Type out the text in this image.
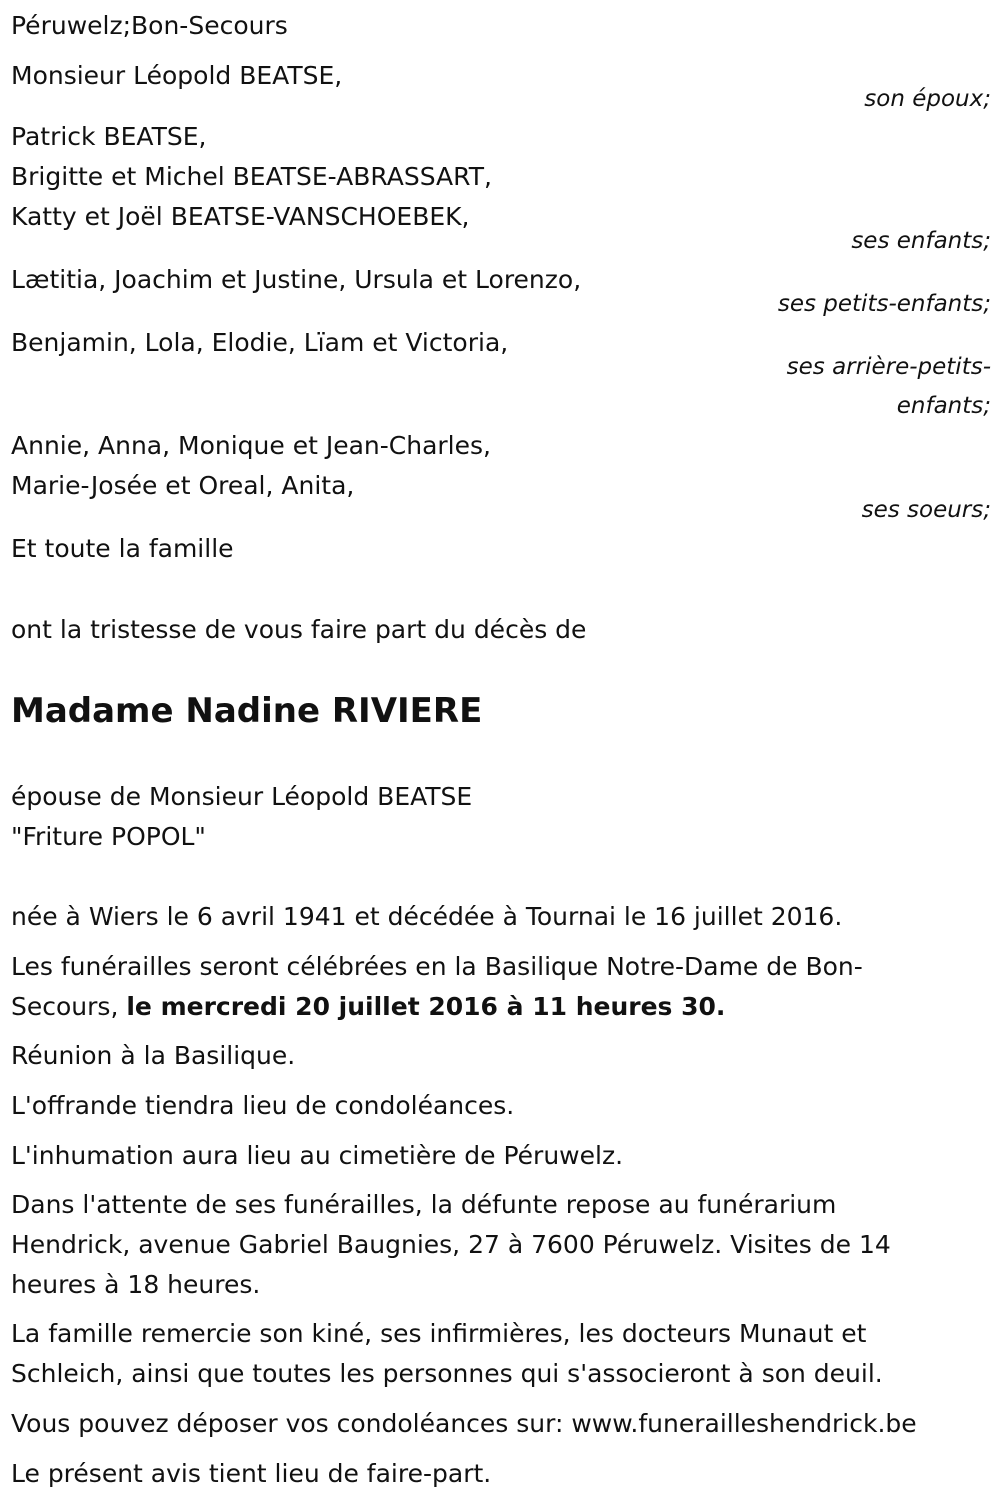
Péruwelz;Bon-Secours
Monsieur Léopold BEATSE,
son époux;
Patrick BEATSE,
Brigitte et Michel BEATSE-ABRASSART,
Katty et Joël BEATSE-VANSCHOEBEK,
ses enfants;
Lætitia, Joachim et Justine, Ursula et Lorenzo,
ses petits-enfants;
Benjamin, Lola, Elodie, Lïam et Victoria,
ses arrière-petits-
enfants;
Annie, Anna, Monique et Jean-Charles,
Marie-Josée et Oreal, Anita,
ses soeurs;
Et toute la famille
ont la tristesse de vous faire part du décès de
Madame Nadine RIVIERE
épouse de Monsieur Léopold BEATSE
"Friture POPOL"
née à Wiers le 6 avril 1941 et décédée à Tournai le 16 juillet 2016.

Les funérailles seront célébrées en la Basilique Notre-Dame de Bon-Secours, le mercredi 20 juillet 2016 à 11 heures 30.

Réunion à la Basilique.
L'offrande tiendra lieu de condoléances.
L'inhumation aura lieu au cimetière de Péruwelz.

Dans l'attente de ses funérailles, la défunte repose au funérarium Hendrick, avenue Gabriel Baugnies, 27 à 7600 Péruwelz. Visites de 14 heures à 18 heures.

La famille remercie son kiné, ses infirmières, les docteurs Munaut et Schleich, ainsi que toutes les personnes qui s'associeront à son deuil.

Vous pouvez déposer vos condoléances sur: www.funerailleshendrick.be
Le présent avis tient lieu de faire-part.
